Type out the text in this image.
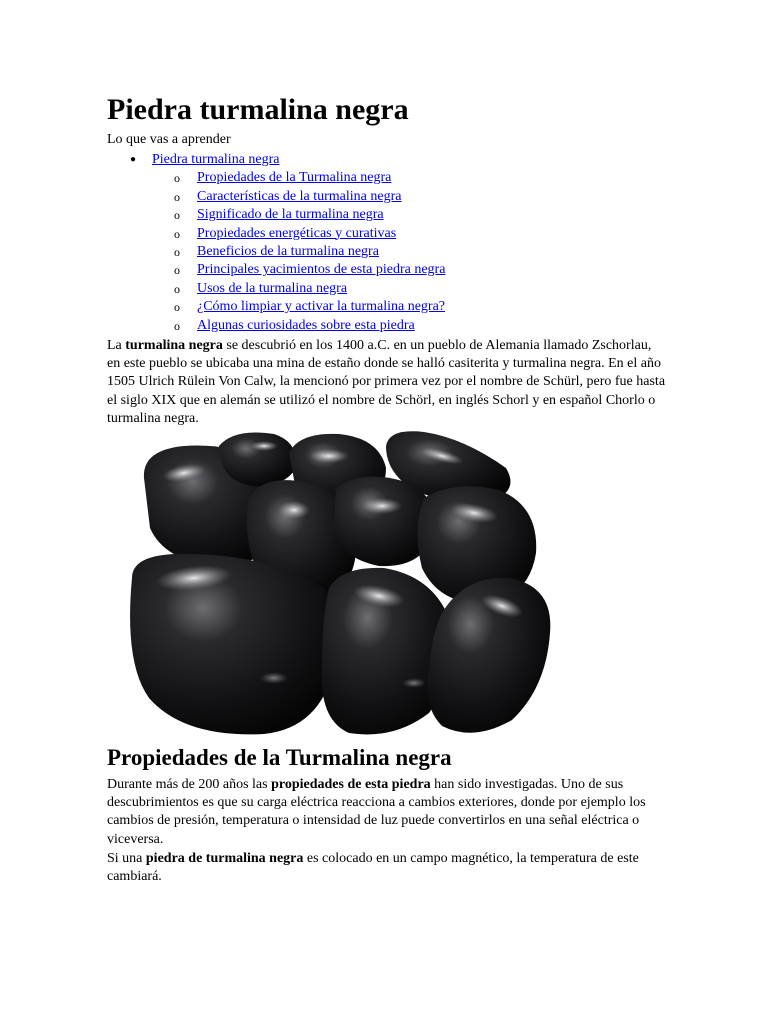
Piedra turmalina negra

Lo que vas a aprender

● Piedra turmalina negra
o Propiedades de la Turmalina negra
o Características de la turmalina negra
o Significado de la turmalina negra
o Propiedades energéticas y curativas
o Beneficios de la turmalina negra
o Principales yacimientos de esta piedra negra
o Usos de la turmalina negra
o ¿Cómo limpiar y activar la turmalina negra?
o Algunas curiosidades sobre esta piedra

La turmalina negra se descubrió en los 1400 a.C. en un pueblo de Alemania llamado Zschorlau, en este pueblo se ubicaba una mina de estaño donde se halló casiterita y turmalina negra. En el año 1505 Ulrich Rülein Von Calw, la mencionó por primera vez por el nombre de Schürl, pero fue hasta el siglo XIX que en alemán se utilizó el nombre de Schörl, en inglés Schorl y en español Chorlo o turmalina negra.

Propiedades de la Turmalina negra

Durante más de 200 años las propiedades de esta piedra han sido investigadas. Uno de sus descubrimientos es que su carga eléctrica reacciona a cambios exteriores, donde por ejemplo los cambios de presión, temperatura o intensidad de luz puede convertirlos en una señal eléctrica o viceversa.

Si una piedra de turmalina negra es colocado en un campo magnético, la temperatura de este cambiará.
